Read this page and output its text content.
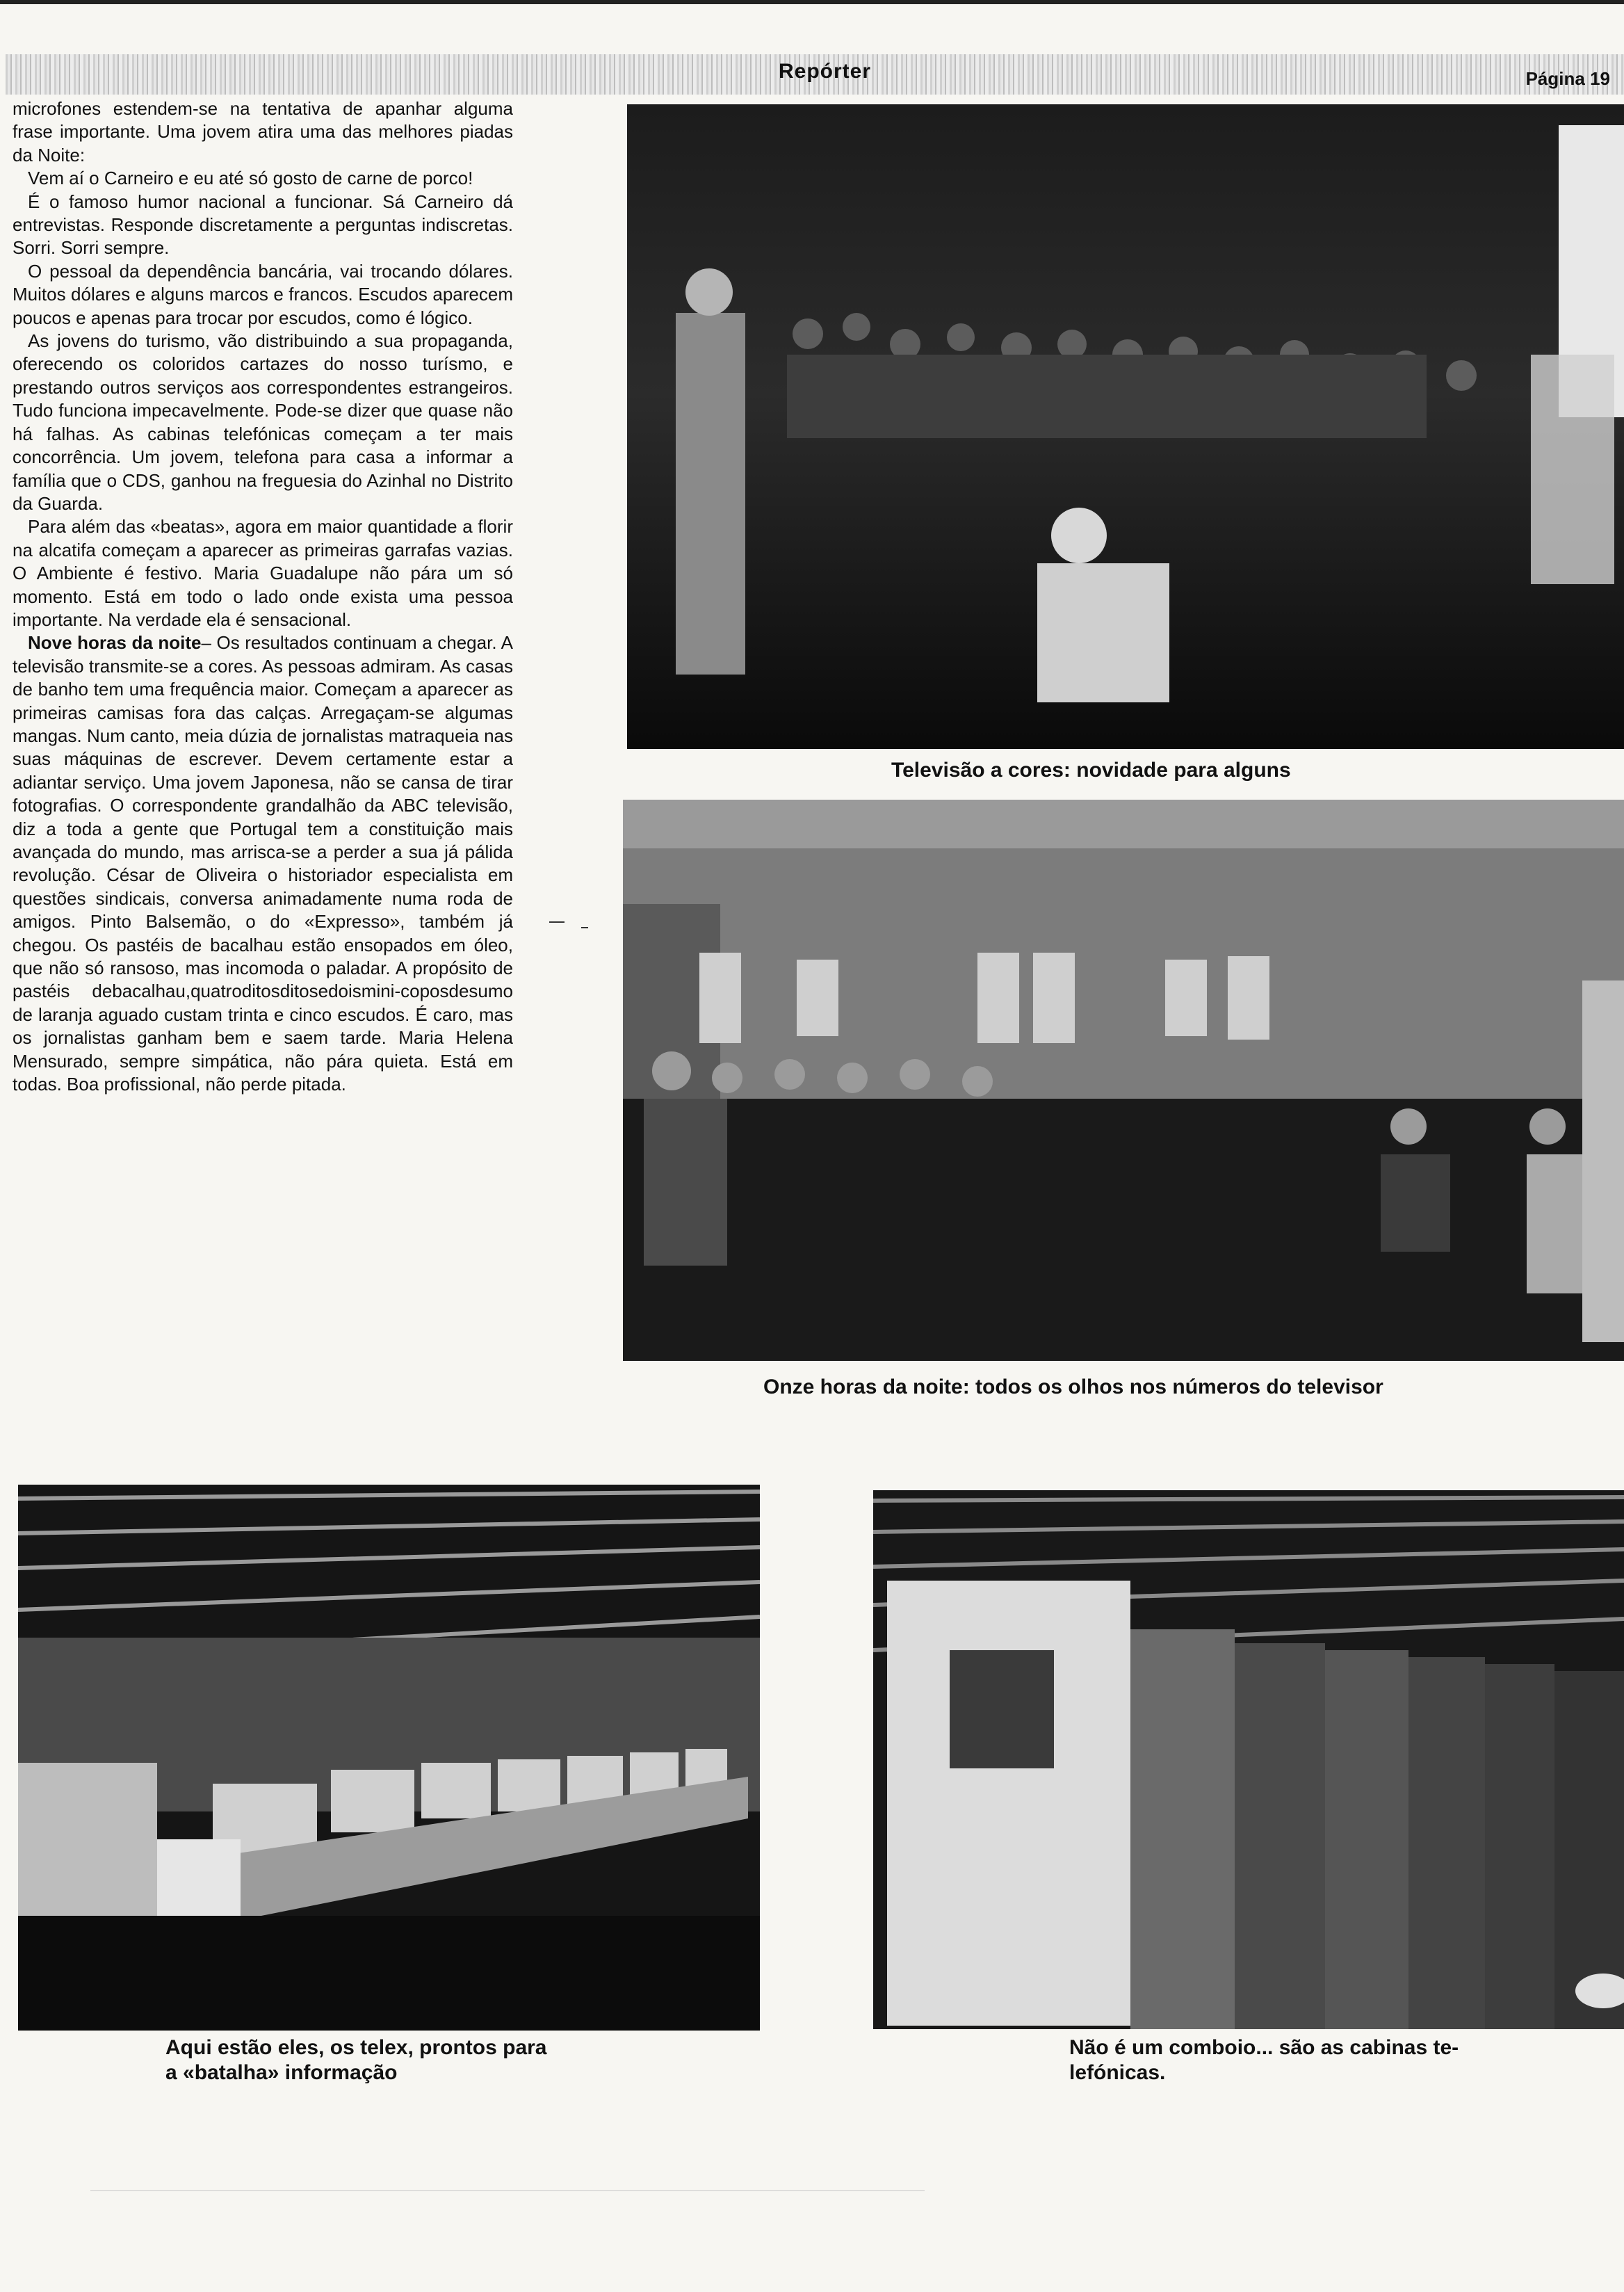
Repórter	Página 19

microfones estendem-se na tentativa de apanhar alguma frase importante. Uma jovem atira uma das melhores piadas da Noite:

Vem aí o Carneiro e eu até só gosto de carne de porco!

É o famoso humor nacional a funcionar. Sá Carneiro dá entrevistas. Responde discretamente a perguntas indiscretas. Sorri. Sorri sempre.

O pessoal da dependência bancária, vai trocando dólares. Muitos dólares e alguns marcos e francos. Escudos aparecem poucos e apenas para trocar por escudos, como é lógico.

As jovens do turismo, vão distribuindo a sua propaganda, oferecendo os coloridos cartazes do nosso turísmo, e prestando outros serviços aos correspondentes estrangeiros. Tudo funciona impecavelmente. Pode-se dizer que quase não há falhas. As cabinas telefónicas começam a ter mais concorrência. Um jovem, telefona para casa a informar a família que o CDS, ganhou na freguesia do Azinhal no Distrito da Guarda.

Para além das «beatas», agora em maior quantidade a florir na alcatifa começam a aparecer as primeiras garrafas vazias. O Ambiente é festivo. Maria Guadalupe não pára um só momento. Está em todo o lado onde exista uma pessoa importante. Na verdade ela é sensacional.

Nove horas da noite– Os resultados continuam a chegar. A televisão transmite-se a cores. As pessoas admiram. As casas de banho tem uma frequência maior. Começam a aparecer as primeiras camisas fora das calças. Arregaçam-se algumas mangas. Num canto, meia dúzia de jornalistas matraqueia nas suas máquinas de escrever. Devem certamente estar a adiantar serviço. Uma jovem Japonesa, não se cansa de tirar fotografias. O correspondente grandalhão da ABC televisão, diz a toda a gente que Portugal tem a constituição mais avançada do mundo, mas arrisca-se a perder a sua já pálida revolução. César de Oliveira o historiador especialista em questões sindicais, conversa animadamente numa roda de amigos. Pinto Balsemão, o do «Expresso», também já chegou. Os pastéis de bacalhau estão ensopados em óleo, que não só ransoso, mas incomoda o paladar. A propósito de pastéis debacalhau,quatroditosditosedoismini-coposdesumo de laranja aguado custam trinta e cinco escudos. É caro, mas os jornalistas ganham bem e saem tarde. Maria Helena Mensurado, sempre simpática, não pára quieta. Está em todas. Boa profissional, não perde pitada.

Televisão a cores: novidade para alguns
Onze horas da noite: todos os olhos nos números do televisor
Aqui estão eles, os telex, prontos para
a «batalha» informação
Não é um comboio... são as cabinas te-
lefónicas.
